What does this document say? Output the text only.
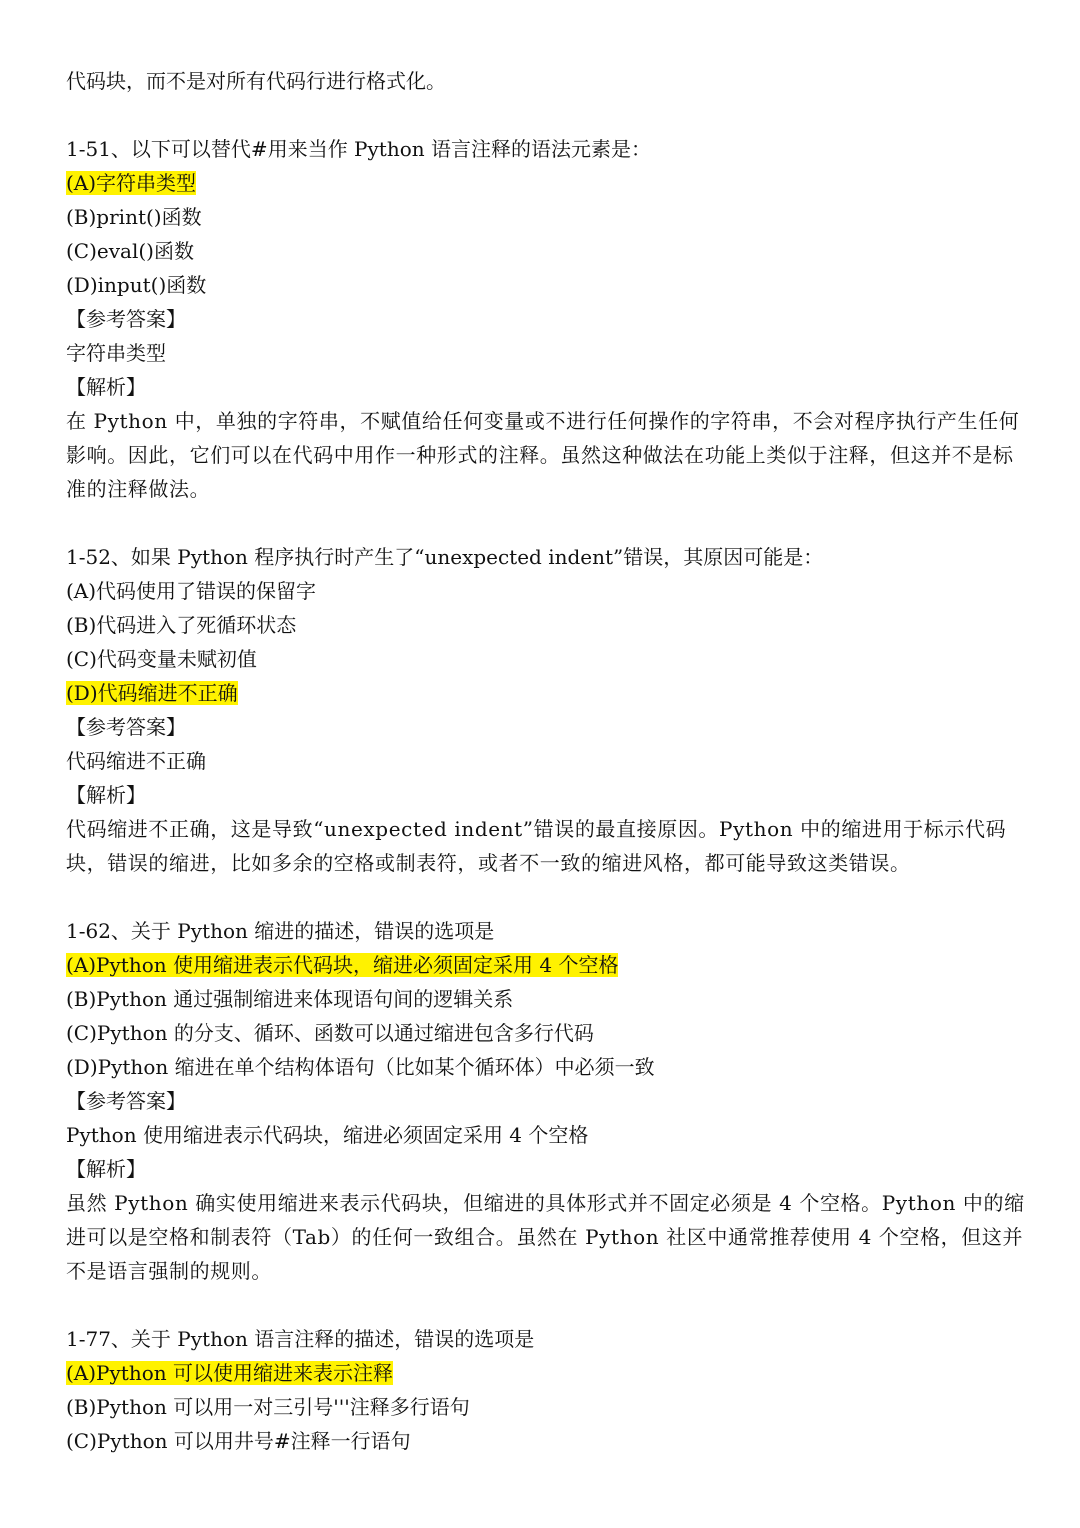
代码块，而不是对所有代码行进行格式化。
1-51、以下可以替代#用来当作 Python 语言注释的语法元素是：
(A)字符串类型
(B)print()函数
(C)eval()函数
(D)input()函数
【参考答案】
字符串类型
【解析】
在 Python 中，单独的字符串，不赋值给任何变量或不进行任何操作的字符串，不会对程序执行产生任何影响。因此，它们可以在代码中用作一种形式的注释。虽然这种做法在功能上类似于注释，但这并不是标准的注释做法。
1-52、如果 Python 程序执行时产生了“unexpected indent”错误，其原因可能是：
(A)代码使用了错误的保留字
(B)代码进入了死循环状态
(C)代码变量未赋初值
(D)代码缩进不正确
【参考答案】
代码缩进不正确
【解析】
代码缩进不正确，这是导致“unexpected indent”错误的最直接原因。Python 中的缩进用于标示代码块，错误的缩进，比如多余的空格或制表符，或者不一致的缩进风格，都可能导致这类错误。
1-62、关于 Python 缩进的描述，错误的选项是
(A)Python 使用缩进表示代码块，缩进必须固定采用 4 个空格
(B)Python 通过强制缩进来体现语句间的逻辑关系
(C)Python 的分支、循环、函数可以通过缩进包含多行代码
(D)Python 缩进在单个结构体语句（比如某个循环体）中必须一致
【参考答案】
Python 使用缩进表示代码块，缩进必须固定采用 4 个空格
【解析】
虽然 Python 确实使用缩进来表示代码块，但缩进的具体形式并不固定必须是 4 个空格。Python 中的缩进可以是空格和制表符（Tab）的任何一致组合。虽然在 Python 社区中通常推荐使用 4 个空格，但这并不是语言强制的规则。
1-77、关于 Python 语言注释的描述，错误的选项是
(A)Python 可以使用缩进来表示注释
(B)Python 可以用一对三引号'''注释多行语句
(C)Python 可以用井号#注释一行语句
